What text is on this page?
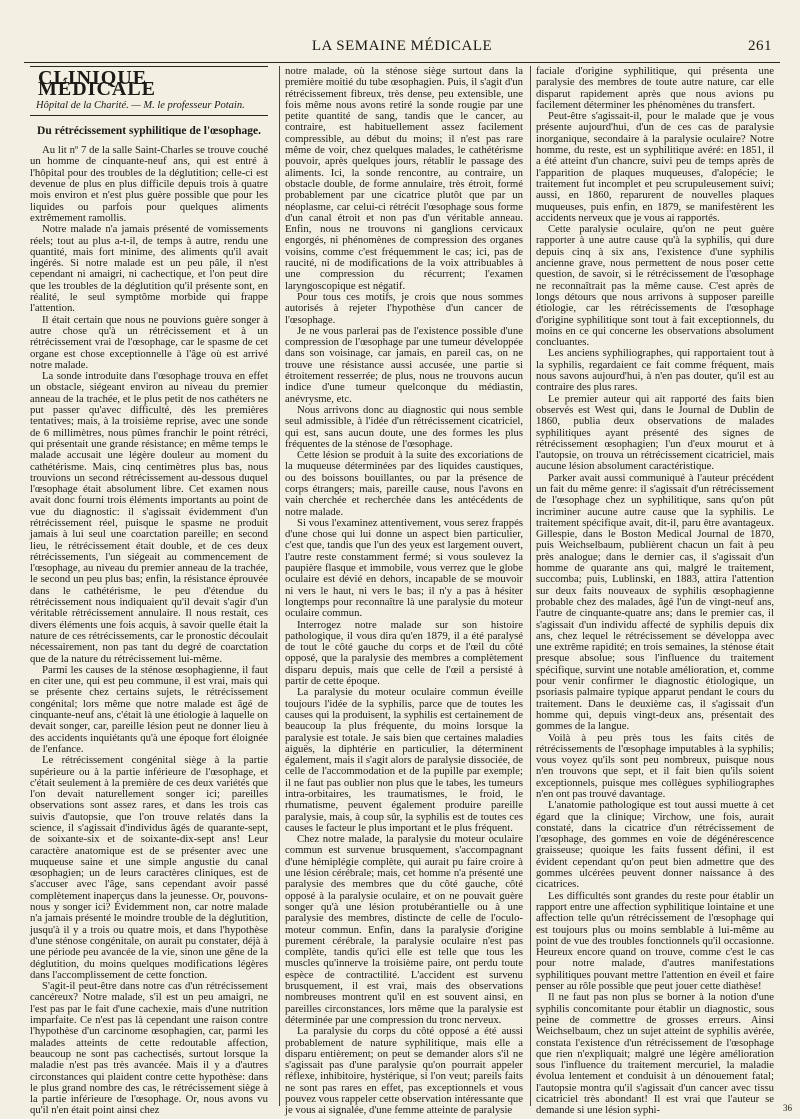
LA SEMAINE MÉDICALE	261
CLINIQUE MÉDICALE
Hôpital de la Charité. — M. le professeur Potain.
Du rétrécissement syphilitique de l'œsophage.

Au lit nº 7 de la salle Saint-Charles se trouve couché un homme de cinquante-neuf ans, qui est entré à l'hôpital pour des troubles de la déglutition; celle-ci est devenue de plus en plus difficile depuis trois à quatre mois environ et n'est plus guère possible que pour les liquides ou parfois pour quelques aliments extrêmement ramollis.

Notre malade n'a jamais présenté de vomissements réels; tout au plus a-t-il, de temps à autre, rendu une quantité, mais fort minime, des aliments qu'il avait ingérés. Si notre malade est un peu pâle, il n'est cependant ni amaigri, ni cachectique, et l'on peut dire que les troubles de la déglutition qu'il présente sont, en réalité, le seul symptôme morbide qui frappe l'attention.

Il était certain que nous ne pouvions guère songer à autre chose qu'à un rétrécissement et à un rétrécissement vrai de l'œsophage, car le spasme de cet organe est chose exceptionnelle à l'âge où est arrivé notre malade.

La sonde introduite dans l'œsophage trouva en effet un obstacle, siégeant environ au niveau du premier anneau de la trachée, et le plus petit de nos cathéters ne put passer qu'avec difficulté, dès les premières tentatives; mais, à la troisième reprise, avec une sonde de 6 millimètres, nous pûmes franchir le point rétréci, qui présentait une grande résistance; en même temps le malade accusait une légère douleur au moment du cathétérisme. Mais, cinq centimètres plus bas, nous trouvions un second rétrécissement au-dessous duquel l'œsophage était absolument libre. Cet examen nous avait donc fourni trois éléments importants au point de vue du diagnostic: il s'agissait évidemment d'un rétrécissement réel, puisque le spasme ne produit jamais à lui seul une coarctation pareille; en second lieu, le rétrécissement était double, et de ces deux rétrécissements, l'un siégeait au commencement de l'œsophage, au niveau du premier anneau de la trachée, le second un peu plus bas; enfin, la résistance éprouvée dans le cathétérisme, le peu d'étendue du rétrécissement nous indiquaient qu'il devait s'agir d'un véritable rétrécissement annulaire. Il nous restait, ces divers éléments une fois acquis, à savoir quelle était la nature de ces rétrécissements, car le pronostic découlait nécessairement, non pas tant du degré de coarctation que de la nature du rétrécissement lui-même.

Parmi les causes de la sténose œsophagienne, il faut en citer une, qui est peu commune, il est vrai, mais qui se présente chez certains sujets, le rétrécissement congénital; lors même que notre malade est âgé de cinquante-neuf ans, c'était là une étiologie à laquelle on devait songer, car, pareille lésion peut ne donner lieu à des accidents inquiétants qu'à une époque fort éloignée de l'enfance.

Le rétrécissement congénital siège à la partie supérieure ou à la partie inférieure de l'œsophage, et c'était seulement à la première de ces deux variétés que l'on devait naturellement songer ici; pareilles observations sont assez rares, et dans les trois cas suivis d'autopsie, que l'on trouve relatés dans la science, il s'agissait d'individus âgés de quarante-sept, de soixante-six et de soixante-dix-sept ans! Leur caractère anatomique est de se présenter avec une muqueuse saine et une simple angustie du canal œsophagien; un de leurs caractères cliniques, est de s'accuser avec l'âge, sans cependant avoir passé complètement inaperçus dans la jeunesse. Or, pouvons-nous y songer ici? Évidemment non, car notre malade n'a jamais présenté le moindre trouble de la déglutition, jusqu'à il y a trois ou quatre mois, et dans l'hypothèse d'une sténose congénitale, on aurait pu constater, déjà à une période peu avancée de la vie, sinon une gêne de la déglutition, du moins quelques modifications légères dans l'accomplissement de cette fonction.

S'agit-il peut-être dans notre cas d'un rétrécissement cancéreux? Notre malade, s'il est un peu amaigri, ne l'est pas par le fait d'une cachexie, mais d'une nutrition imparfaite. Ce n'est pas là cependant une raison contre l'hypothèse d'un carcinome œsophagien, car, parmi les malades atteints de cette redoutable affection, beaucoup ne sont pas cachectisés, surtout lorsque la maladie n'est pas très avancée. Mais il y a d'autres circonstances qui plaident contre cette hypothèse: dans le plus grand nombre des cas, le rétrécissement siège à la partie inférieure de l'œsophage. Or, nous avons vu qu'il n'en était point ainsi chez

notre malade, où la sténose siège surtout dans la première moitié du tube œsophagien. Puis, il s'agit d'un rétrécissement fibreux, très dense, peu extensible, une fois même nous avons retiré la sonde rougie par une petite quantité de sang, tandis que le cancer, au contraire, est habituellement assez facilement compressible, au début du moins; il n'est pas rare même de voir, chez quelques malades, le cathétérisme pouvoir, après quelques jours, rétablir le passage des aliments. Ici, la sonde rencontre, au contraire, un obstacle double, de forme annulaire, très étroit, formé probablement par une cicatrice plutôt que par un néoplasme, car celui-ci rétrécit l'œsophage sous forme d'un canal étroit et non pas d'un véritable anneau. Enfin, nous ne trouvons ni ganglions cervicaux engorgés, ni phénomènes de compression des organes voisins, comme c'est fréquemment le cas; ici, pas de raucité, ni de modifications de la voix attribuables à une compression du récurrent; l'examen laryngoscopique est négatif.

Pour tous ces motifs, je crois que nous sommes autorisés à rejeter l'hypothèse d'un cancer de l'œsophage.

Je ne vous parlerai pas de l'existence possible d'une compression de l'œsophage par une tumeur développée dans son voisinage, car jamais, en pareil cas, on ne trouve une résistance aussi accusée, une partie si étroitement resserrée; de plus, nous ne trouvons aucun indice d'une tumeur quelconque du médiastin, anévrysme, etc.

Nous arrivons donc au diagnostic qui nous semble seul admissible, à l'idée d'un rétrécissement cicatriciel, qui est, sans aucun doute, une des formes les plus fréquentes de la sténose de l'œsophage.

Cette lésion se produit à la suite des excoriations de la muqueuse déterminées par des liquides caustiques, ou des boissons bouillantes, ou par la présence de corps étrangers; mais, pareille cause, nous l'avons en vain cherchée et recherchée dans les antécédents de notre malade.

Si vous l'examinez attentivement, vous serez frappés d'une chose qui lui donne un aspect bien particulier, c'est que, tandis que l'un des yeux est largement ouvert, l'autre reste constamment fermé; si vous soulevez la paupière flasque et immobile, vous verrez que le globe oculaire est dévié en dehors, incapable de se mouvoir ni vers le haut, ni vers le bas; il n'y a pas à hésiter longtemps pour reconnaître là une paralysie du moteur oculaire commun.

Interrogez notre malade sur son histoire pathologique, il vous dira qu'en 1879, il a été paralysé de tout le côté gauche du corps et de l'œil du côté opposé, que la paralysie des membres a complètement disparu depuis, mais que celle de l'œil a persisté à partir de cette époque.

La paralysie du moteur oculaire commun éveille toujours l'idée de la syphilis, parce que de toutes les causes qui la produisent, la syphilis est certainement de beaucoup la plus fréquente, du moins lorsque la paralysie est totale. Je sais bien que certaines maladies aiguës, la diphtérie en particulier, la déterminent également, mais il s'agit alors de paralysie dissociée, de celle de l'accommodation et de la pupille par exemple; il ne faut pas oublier non plus que le tabes, les tumeurs intra-orbitaires, les traumatismes, le froid, le rhumatisme, peuvent également produire pareille paralysie, mais, à coup sûr, la syphilis est de toutes ces causes le facteur le plus important et le plus fréquent.

Chez notre malade, la paralysie du moteur oculaire commun est survenue brusquement, s'accompagnant d'une hémiplégie complète, qui aurait pu faire croire à une lésion cérébrale; mais, cet homme n'a présenté une paralysie des membres que du côté gauche, côté opposé à la paralysie oculaire, et on ne pouvait guère songer qu'à une lésion protubérantielle ou à une paralysie des membres, distincte de celle de l'oculo-moteur commun. Enfin, dans la paralysie d'origine purement cérébrale, la paralysie oculaire n'est pas complète, tandis qu'ici elle est telle que tous les muscles qu'innerve la troisième paire, ont perdu toute espèce de contractilité. L'accident est survenu brusquement, il est vrai, mais des observations nombreuses montrent qu'il en est souvent ainsi, en pareilles circonstances, lors même que la paralysie est déterminée par une compression du tronc nerveux.

La paralysie du corps du côté opposé a été aussi probablement de nature syphilitique, mais elle a disparu entièrement; on peut se demander alors s'il ne s'agissait pas d'une paralysie qu'on pourrait appeler réflexe, inhibitoire, hystérique, si l'on veut; pareils faits ne sont pas rares en effet, pas exceptionnels et vous pouvez vous rappeler cette observation intéressante que je vous ai signalée, d'une femme atteinte de paralysie

faciale d'origine syphilitique, qui présenta une paralysie des membres de toute autre nature, car elle disparut rapidement après que nous avions pu facilement déterminer les phénomènes du transfert.

Peut-être s'agissait-il, pour le malade que je vous présente aujourd'hui, d'un de ces cas de paralysie inorganique, secondaire à la paralysie oculaire? Notre homme, du reste, est un syphilitique avéré: en 1851, il a été atteint d'un chancre, suivi peu de temps après de l'apparition de plaques muqueuses, d'alopécie; le traitement fut incomplet et peu scrupuleusement suivi; aussi, en 1860, reparurent de nouvelles plaques muqueuses, puis enfin, en 1879, se manifestèrent les accidents nerveux que je vous ai rapportés.

Cette paralysie oculaire, qu'on ne peut guère rapporter à une autre cause qu'à la syphilis, qui dure depuis cinq à six ans, l'existence d'une syphilis ancienne grave, nous permettent de nous poser cette question, de savoir, si le rétrécissement de l'œsophage ne reconnaîtrait pas la même cause. C'est après de longs détours que nous arrivons à supposer pareille étiologie, car les rétrécissements de l'œsophage d'origine syphilitique sont tout à fait exceptionnels, du moins en ce qui concerne les observations absolument concluantes.

Les anciens syphiliographes, qui rapportaient tout à la syphilis, regardaient ce fait comme fréquent, mais nous savons aujourd'hui, à n'en pas douter, qu'il est au contraire des plus rares.

Le premier auteur qui ait rapporté des faits bien observés est West qui, dans le Journal de Dublin de 1860, publia deux observations de malades syphilitiques ayant présenté des signes de rétrécissement œsophagien; l'un d'eux mourut et à l'autopsie, on trouva un rétrécissement cicatriciel, mais aucune lésion absolument caractéristique.

Parker avait aussi communiqué à l'auteur précédent un fait du même genre: il s'agissait d'un rétrécissement de l'œsophage chez un syphilitique, sans qu'on pût incriminer aucune autre cause que la syphilis. Le traitement spécifique avait, dit-il, paru être avantageux. Gillespie, dans le Boston Medical Journal de 1870, puis Weichselbaum, publièrent chacun un fait à peu près analogue; dans le dernier cas, il s'agissait d'un homme de quarante ans qui, malgré le traitement, succomba; puis, Lublinski, en 1883, attira l'attention sur deux faits nouveaux de syphilis œsophagienne probable chez des malades, âgé l'un de vingt-neuf ans, l'autre de cinquante-quatre ans; dans le premier cas, il s'agissait d'un individu affecté de syphilis depuis dix ans, chez lequel le rétrécissement se développa avec une extrême rapidité; en trois semaines, la sténose était presque absolue; sous l'influence du traitement spécifique, survint une notable amélioration, et, comme pour venir confirmer le diagnostic étiologique, un psoriasis palmaire typique apparut pendant le cours du traitement. Dans le deuxième cas, il s'agissait d'un homme qui, depuis vingt-deux ans, présentait des gommes de la langue.

Voilà à peu près tous les faits cités de rétrécissements de l'œsophage imputables à la syphilis; vous voyez qu'ils sont peu nombreux, puisque nous n'en trouvons que sept, et il fait bien qu'ils soient exceptionnels, puisque mes collègues syphiliographes n'en ont pas trouvé davantage.

L'anatomie pathologique est tout aussi muette à cet égard que la clinique; Virchow, une fois, aurait constaté, dans la cicatrice d'un rétrécissement de l'œsophage, des gommes en voie de dégénérescence graisseuse; quoique les faits fussent défini, il est évident cependant qu'on peut bien admettre que des gommes ulcérées peuvent donner naissance à des cicatrices.

Les difficultés sont grandes du reste pour établir un rapport entre une affection syphilitique lointaine et une affection telle qu'un rétrécissement de l'œsophage qui est toujours plus ou moins semblable à lui-même au point de vue des troubles fonctionnels qu'il occasionne. Heureux encore quand on trouve, comme c'est le cas pour notre malade, d'autres manifestations syphilitiques pouvant mettre l'attention en éveil et faire penser au rôle possible que peut jouer cette diathèse!

Il ne faut pas non plus se borner à la notion d'une syphilis concomitante pour établir un diagnostic, sous peine de commettre de grosses erreurs. Ainsi Weichselbaum, chez un sujet atteint de syphilis avérée, constata l'existence d'un rétrécissement de l'œsophage que rien n'expliquait; malgré une légère amélioration sous l'influence du traitement mercuriel, la maladie évolua lentement et conduisit à un dénouement fatal; l'autopsie montra qu'il s'agissait d'un cancer avec tissu cicatriciel très abondant! Il est vrai que l'auteur se demande si une lésion syphi-	36
